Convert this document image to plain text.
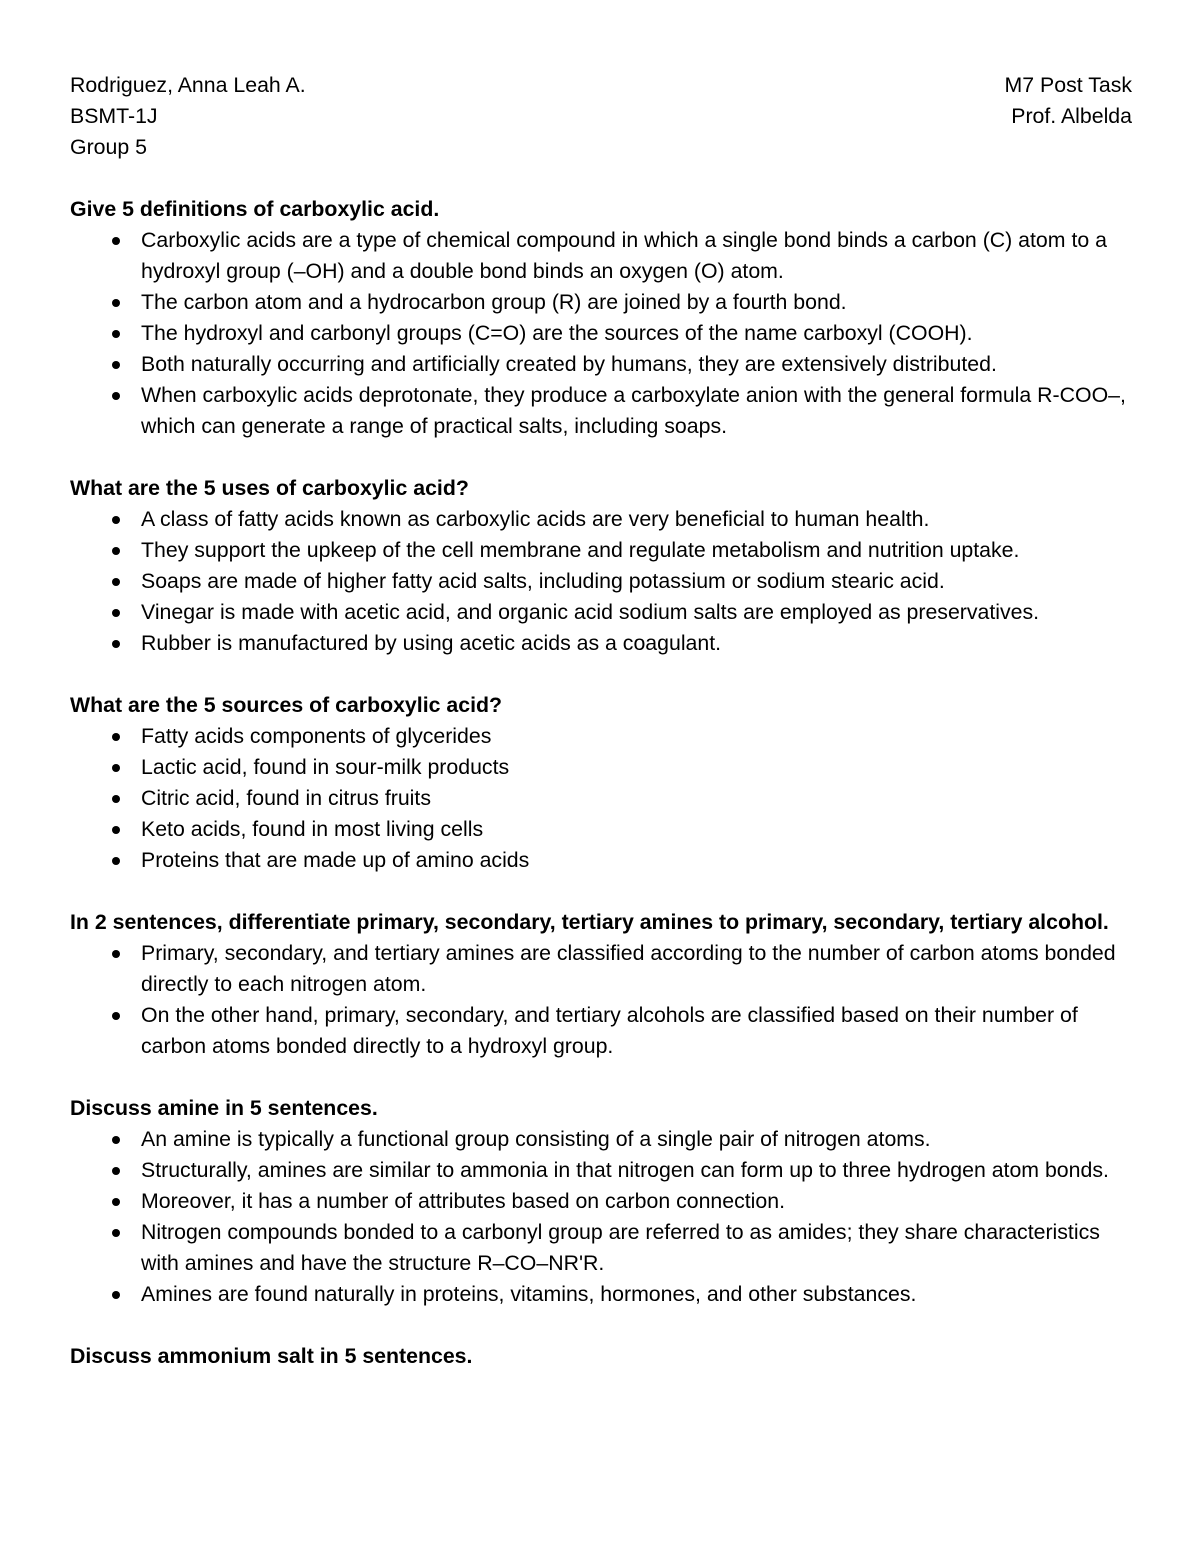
Rodriguez, Anna Leah A.	M7 Post Task
BSMT-1J	Prof. Albelda
Group 5
Give 5 definitions of carboxylic acid.
Carboxylic acids are a type of chemical compound in which a single bond binds a carbon (C) atom to a hydroxyl group (–OH) and a double bond binds an oxygen (O) atom.
The carbon atom and a hydrocarbon group (R) are joined by a fourth bond.
The hydroxyl and carbonyl groups (C=O) are the sources of the name carboxyl (COOH).
Both naturally occurring and artificially created by humans, they are extensively distributed.
When carboxylic acids deprotonate, they produce a carboxylate anion with the general formula R-COO–, which can generate a range of practical salts, including soaps.
What are the 5 uses of carboxylic acid?
A class of fatty acids known as carboxylic acids are very beneficial to human health.
They support the upkeep of the cell membrane and regulate metabolism and nutrition uptake.
Soaps are made of higher fatty acid salts, including potassium or sodium stearic acid.
Vinegar is made with acetic acid, and organic acid sodium salts are employed as preservatives.
Rubber is manufactured by using acetic acids as a coagulant.
What are the 5 sources of carboxylic acid?
Fatty acids components of glycerides
Lactic acid, found in sour-milk products
Citric acid, found in citrus fruits
Keto acids, found in most living cells
Proteins that are made up of amino acids
In 2 sentences, differentiate primary, secondary, tertiary amines to primary, secondary, tertiary alcohol.
Primary, secondary, and tertiary amines are classified according to the number of carbon atoms bonded directly to each nitrogen atom.
On the other hand, primary, secondary, and tertiary alcohols are classified based on their number of carbon atoms bonded directly to a hydroxyl group.
Discuss amine in 5 sentences.
An amine is typically a functional group consisting of a single pair of nitrogen atoms.
Structurally, amines are similar to ammonia in that nitrogen can form up to three hydrogen atom bonds.
Moreover, it has a number of attributes based on carbon connection.
Nitrogen compounds bonded to a carbonyl group are referred to as amides; they share characteristics with amines and have the structure R–CO–NR'R.
Amines are found naturally in proteins, vitamins, hormones, and other substances.
Discuss ammonium salt in 5 sentences.
